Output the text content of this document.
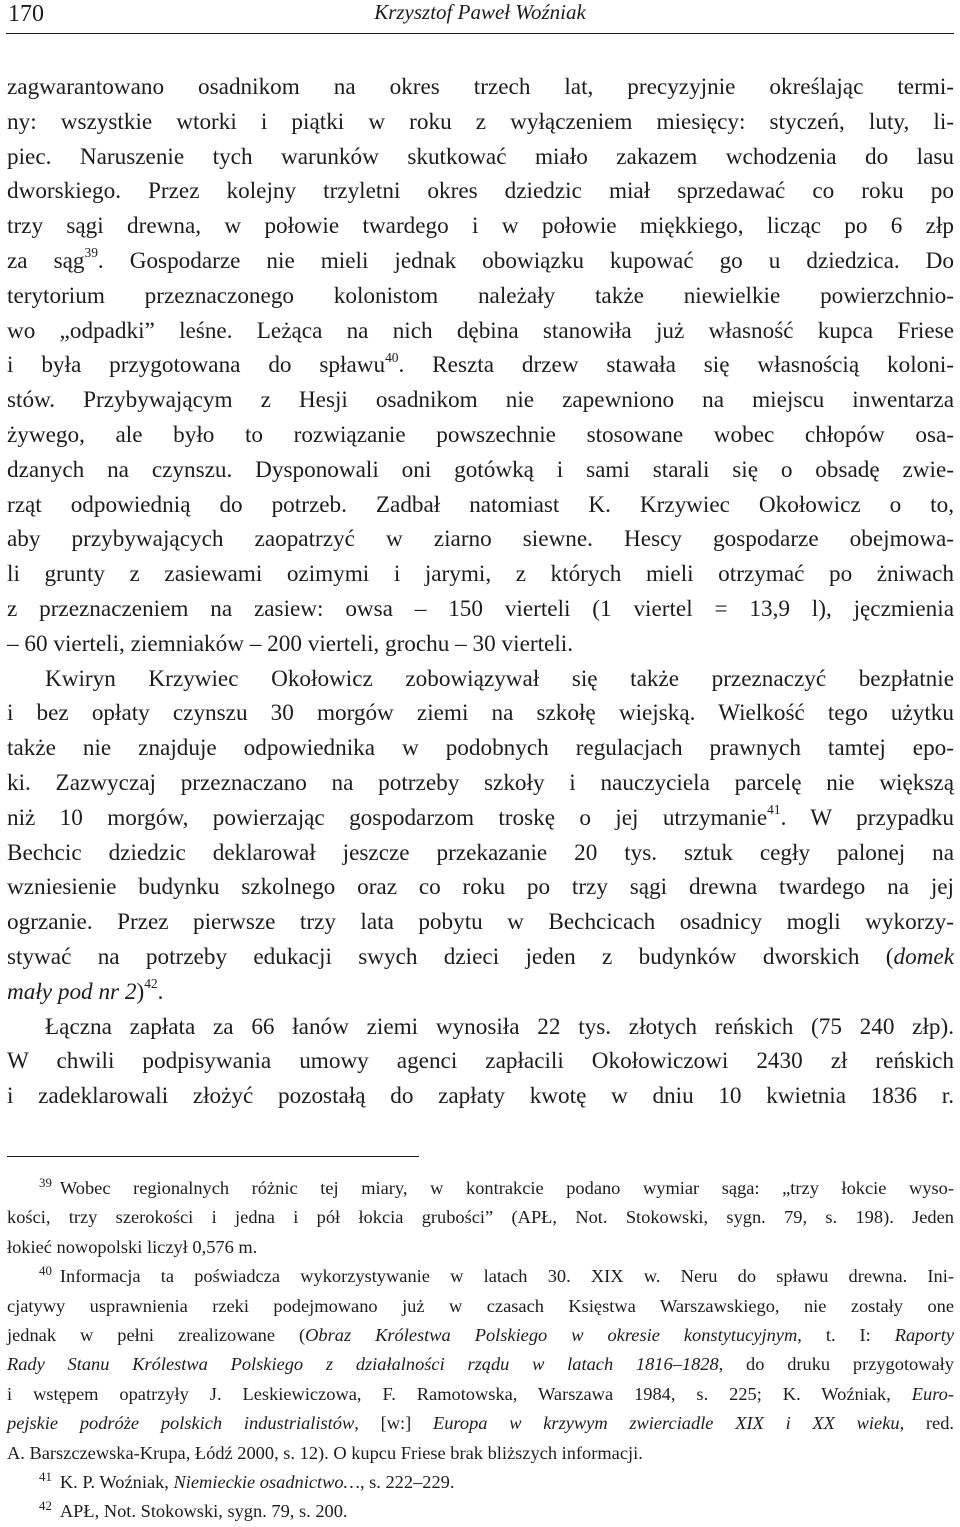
170	Krzysztof Paweł Woźniak
zagwarantowano osadnikom na okres trzech lat, precyzyjnie określając termi-
ny: wszystkie wtorki i piątki w roku z wyłączeniem miesięcy: styczeń, luty, li-
piec. Naruszenie tych warunków skutkować miało zakazem wchodzenia do lasu
dworskiego. Przez kolejny trzyletni okres dziedzic miał sprzedawać co roku po
trzy sągi drewna, w połowie twardego i w połowie miękkiego, licząc po 6 złp
za sąg$^{39}$. Gospodarze nie mieli jednak obowiązku kupować go u dziedzica. Do
terytorium przeznaczonego kolonistom należały także niewielkie powierzchnio-
wo „odpadki” leśne. Leżąca na nich dębina stanowiła już własność kupca Friese
i była przygotowana do spławu$^{40}$. Reszta drzew stawała się własnością koloni-
stów. Przybywającym z Hesji osadnikom nie zapewniono na miejscu inwentarza
żywego, ale było to rozwiązanie powszechnie stosowane wobec chłopów osa-
dzanych na czynszu. Dysponowali oni gotówką i sami starali się o obsadę zwie-
rząt odpowiednią do potrzeb. Zadbał natomiast K. Krzywiec Okołowicz o to,
aby przybywających zaopatrzyć w ziarno siewne. Hescy gospodarze obejmowa-
li grunty z zasiewami ozimymi i jarymi, z których mieli otrzymać po żniwach
z przeznaczeniem na zasiew: owsa – 150 vierteli (1 viertel = 13,9 l), jęczmienia
– 60 vierteli, ziemniaków – 200 vierteli, grochu – 30 vierteli.
Kwiryn Krzywiec Okołowicz zobowiązywał się także przeznaczyć bezpłatnie
i bez opłaty czynszu 30 morgów ziemi na szkołę wiejską. Wielkość tego użytku
także nie znajduje odpowiednika w podobnych regulacjach prawnych tamtej epo-
ki. Zazwyczaj przeznaczano na potrzeby szkoły i nauczyciela parcelę nie większą
niż 10 morgów, powierzając gospodarzom troskę o jej utrzymanie$^{41}$. W przypadku
Bechcic dziedzic deklarował jeszcze przekazanie 20 tys. sztuk cegły palonej na
wzniesienie budynku szkolnego oraz co roku po trzy sągi drewna twardego na jej
ogrzanie. Przez pierwsze trzy lata pobytu w Bechcicach osadnicy mogli wykorzy-
stywać na potrzeby edukacji swych dzieci jeden z budynków dworskich (domek
mały pod nr 2)$^{42}$.
Łączna zapłata za 66 łanów ziemi wynosiła 22 tys. złotych reńskich (75 240 złp).
W chwili podpisywania umowy agenci zapłacili Okołowiczowi 2430 zł reńskich
i zadeklarowali złożyć pozostałą do zapłaty kwotę w dniu 10 kwietnia 1836 r.
$^{39}$ Wobec regionalnych różnic tej miary, w kontrakcie podano wymiar sąga: „trzy łokcie wyso-
kości, trzy szerokości i jedna i pół łokcia grubości” (APŁ, Not. Stokowski, sygn. 79, s. 198). Jeden
łokieć nowopolski liczył 0,576 m.
$^{40}$ Informacja ta poświadcza wykorzystywanie w latach 30. XIX w. Neru do spławu drewna. Ini-
cjatywy usprawnienia rzeki podejmowano już w czasach Księstwa Warszawskiego, nie zostały one
jednak w pełni zrealizowane (Obraz Królestwa Polskiego w okresie konstytucyjnym, t. I: Raporty
Rady Stanu Królestwa Polskiego z działalności rządu w latach 1816–1828, do druku przygotowały
i wstępem opatrzyły J. Leskiewiczowa, F. Ramotowska, Warszawa 1984, s. 225; K. Woźniak, Euro-
pejskie podróże polskich industrialistów, [w:] Europa w krzywym zwierciadle XIX i XX wieku, red.
A. Barszczewska-Krupa, Łódź 2000, s. 12). O kupcu Friese brak bliższych informacji.
$^{41}$ K. P. Woźniak, Niemieckie osadnictwo…, s. 222–229.
$^{42}$ APŁ, Not. Stokowski, sygn. 79, s. 200.
